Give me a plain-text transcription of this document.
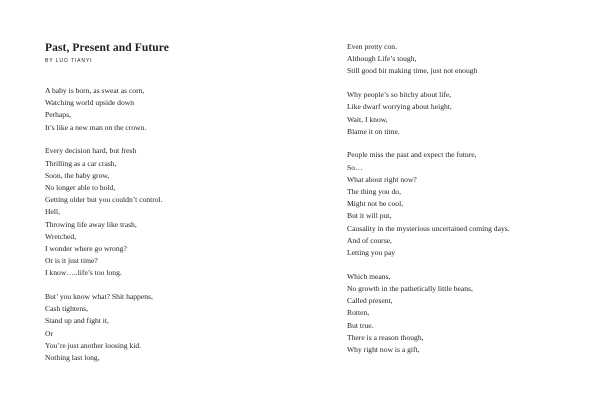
Past, Present and Future
BY LUO TIANYI
A baby is born, as sweat as corn,
Watching world upside down
Perhaps,
It’s like a new man on the crown.
Every decision hard, but fresh
Thrilling as a car crash,
Soon, the baby grow,
No longer able to hold,
Getting older but you couldn’t control.
Hell,
Throwing life away like trash,
Wretched,
I wonder where go wrong?
Or is it just time?
I know…..life’s too long.
But’ you know what? Shit happens,
Cash tightens,
Stand up and fight it,
Or
You’re just another loosing kid.
Nothing last long,
Even pretty con.
Although Life’s tough,
Still good bit making time, just not enough
Why people’s so bitchy about life,
Like dwarf worrying about height,
Wait, I know,
Blame it on time.
People miss the past and expect the future,
So…
What about right now?
The thing you do,
Might not be cool,
But it will put,
Causality in the mysterious uncertained coming days.
And of course,
Letting you pay
Which means,
No growth in the pathetically little beans,
Called present,
Rotten,
But true.
There is a reason though,
Why right now is a gift,
